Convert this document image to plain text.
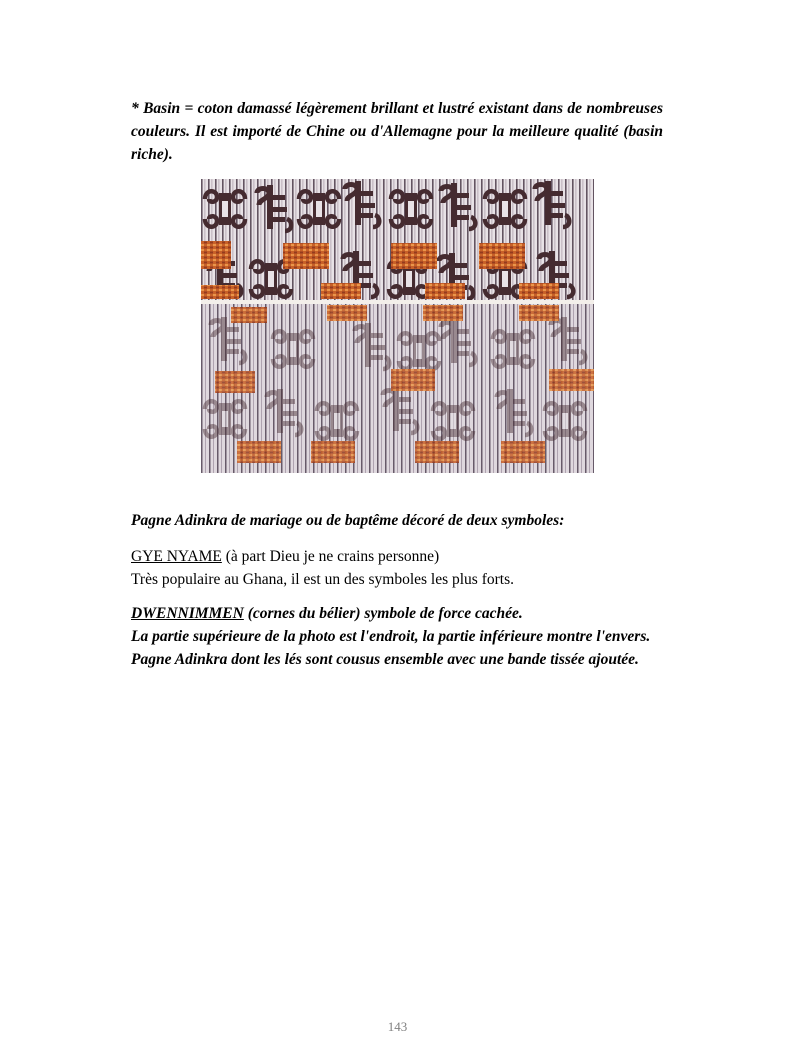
* Basin = coton damassé légèrement brillant et lustré existant dans de nombreuses couleurs. Il est importé de Chine ou d'Allemagne pour la meilleure qualité (basin riche).

Pagne Adinkra de mariage ou de baptême décoré de deux symboles:

GYE NYAME (à part Dieu je ne crains personne)
Très populaire au Ghana, il est un des symboles les plus forts.

DWENNIMMEN (cornes du bélier) symbole de force cachée.
La partie supérieure de la photo est l'endroit, la partie inférieure montre l'envers.
Pagne Adinkra dont les lés sont cousus ensemble avec une bande tissée ajoutée.

143
